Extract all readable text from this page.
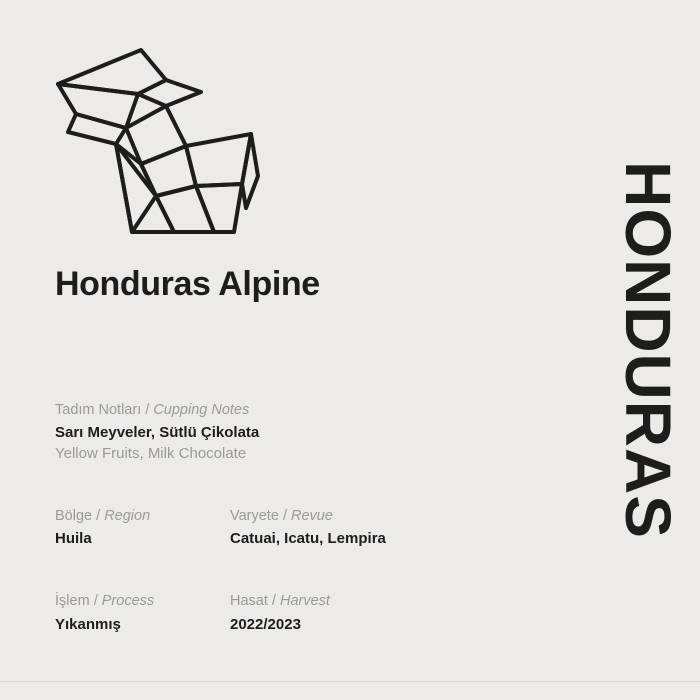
Honduras Alpine

Tadım Notları / Cupping Notes

Sarı Meyveler, Sütlü Çikolata

Yellow Fruits, Milk Chocolate

Bölge / Region

Huila

Varyete / Revue

Catuai, Icatu, Lempira

İşlem / Process

Yıkanmış

Hasat / Harvest

2022/2023

HONDURAS
